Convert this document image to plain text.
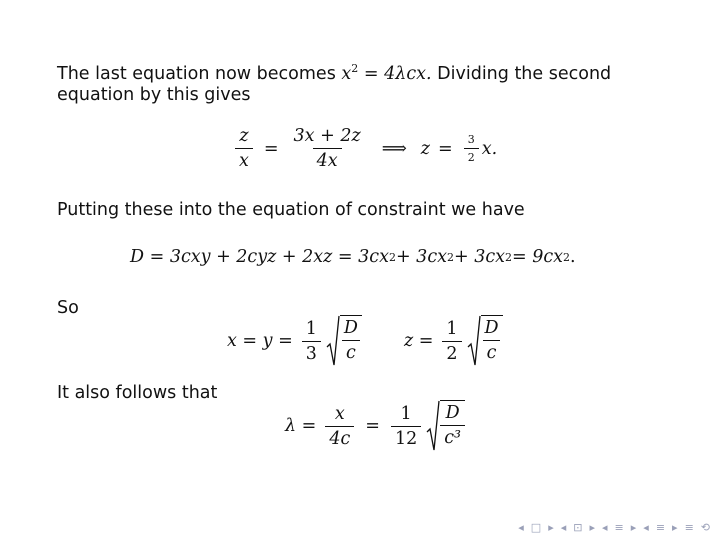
The last equation now becomes $x^2 = 4\lambda cx$. Dividing the second
equation by this gives
$\frac{z}{x} = \frac{3x + 2z}{4x}$ ⟹ $z = \frac{3}{2} x$.
Putting these into the equation of constraint we have
D = 3cxy + 2cyz + 2xz = 3cx 2 + 3cx 2 + 3cx 2 = 9cx 2 .
So
$x = y = \frac{1}{3} \frac{D}{c}$ $z = \frac{1}{2} \frac{D}{c}$
It also follows that
$\lambda = \frac{x}{4c} = \frac{1}{12} \frac{D}{\text{c³}}$
◂ □ ▸ ◂ ⊡ ▸ ◂ ≡ ▸ ◂ ≡ ▸ ≡ ⟲
